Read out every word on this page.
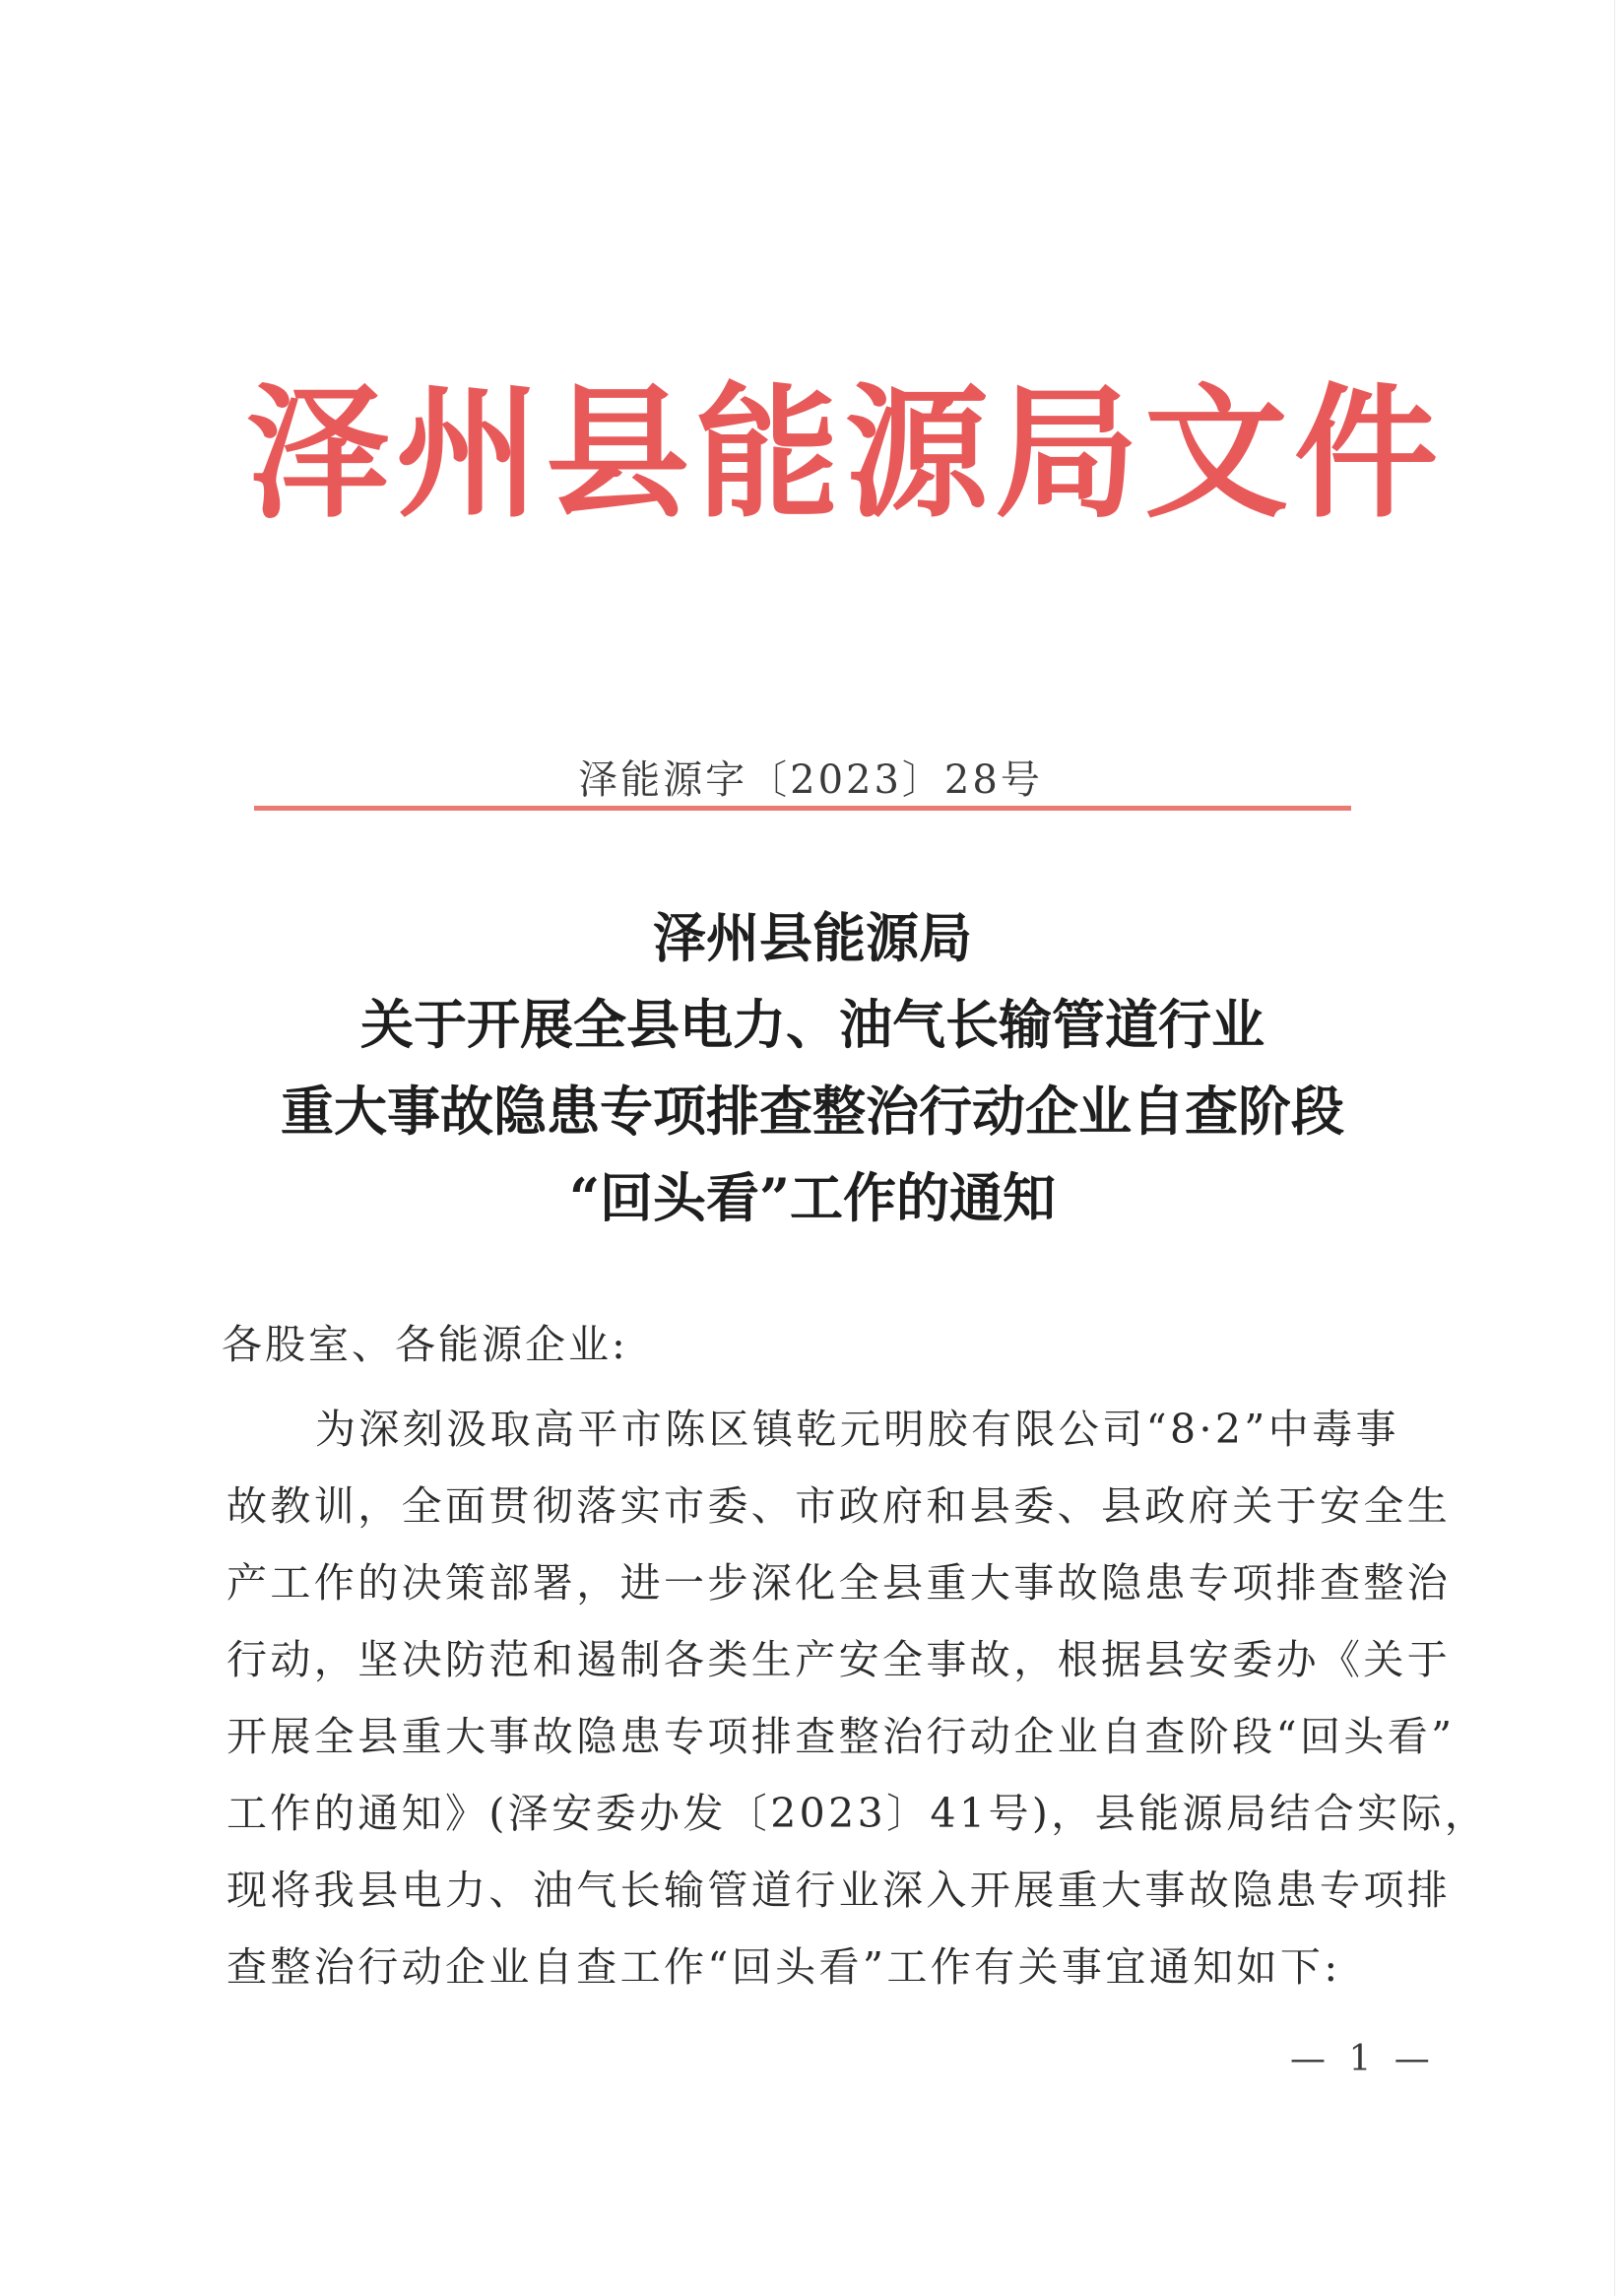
泽州县能源局文件
泽能源字〔2023〕28号
泽州县能源局
关于开展全县电力、油气长输管道行业
重大事故隐患专项排查整治行动企业自查阶段
“回头看”工作的通知
各股室、各能源企业:
为深刻汲取高平市陈区镇乾元明胶有限公司“8·2”中毒事
故教训，全面贯彻落实市委、市政府和县委、县政府关于安全生
产工作的决策部署，进一步深化全县重大事故隐患专项排查整治
行动，坚决防范和遏制各类生产安全事故，根据县安委办《关于
开展全县重大事故隐患专项排查整治行动企业自查阶段“回头看”
工作的通知》(泽安委办发〔2023〕41号)，县能源局结合实际，
现将我县电力、油气长输管道行业深入开展重大事故隐患专项排
查整治行动企业自查工作“回头看”工作有关事宜通知如下:
— 1 —
